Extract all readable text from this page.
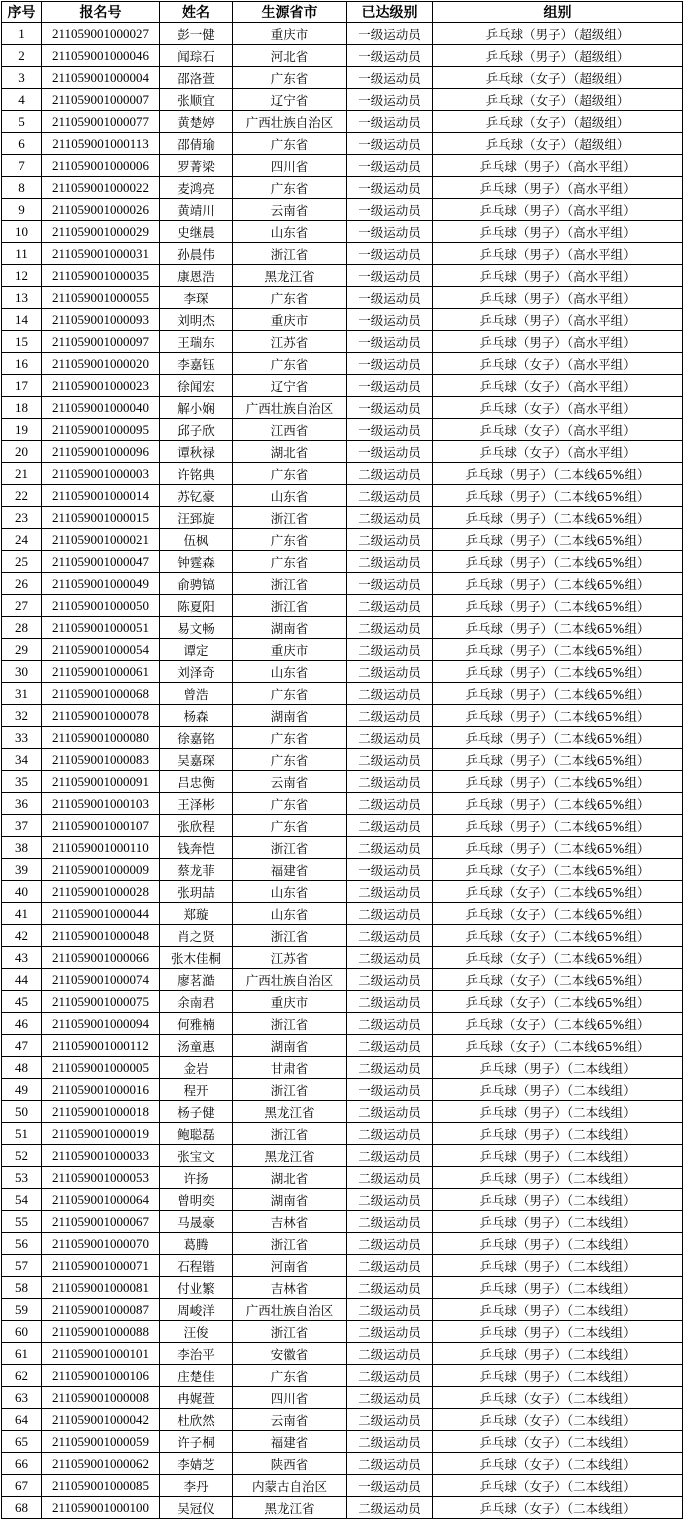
序号	报名号	姓名	生源省市	已达级别	组别
1	211059001000027	彭一健	重庆市	一级运动员	乒乓球（男子）（超级组）
2	211059001000046	闻琮石	河北省	一级运动员	乒乓球（男子）（超级组）
3	211059001000004	邵洛萱	广东省	一级运动员	乒乓球（女子）（超级组）
4	211059001000007	张顺宜	辽宁省	一级运动员	乒乓球（女子）（超级组）
5	211059001000077	黄楚婷	广西壮族自治区	一级运动员	乒乓球（女子）（超级组）
6	211059001000113	邵倩瑜	广东省	一级运动员	乒乓球（女子）（超级组）
7	211059001000006	罗菁梁	四川省	一级运动员	乒乓球（男子）（高水平组）
8	211059001000022	麦鸿亮	广东省	一级运动员	乒乓球（男子）（高水平组）
9	211059001000026	黄靖川	云南省	一级运动员	乒乓球（男子）（高水平组）
10	211059001000029	史继晨	山东省	一级运动员	乒乓球（男子）（高水平组）
11	211059001000031	孙晨伟	浙江省	一级运动员	乒乓球（男子）（高水平组）
12	211059001000035	康恩浩	黑龙江省	一级运动员	乒乓球（男子）（高水平组）
13	211059001000055	李琛	广东省	一级运动员	乒乓球（男子）（高水平组）
14	211059001000093	刘明杰	重庆市	一级运动员	乒乓球（男子）（高水平组）
15	211059001000097	王瑞东	江苏省	一级运动员	乒乓球（男子）（高水平组）
16	211059001000020	李嘉钰	广东省	一级运动员	乒乓球（女子）（高水平组）
17	211059001000023	徐闻宏	辽宁省	一级运动员	乒乓球（女子）（高水平组）
18	211059001000040	解小娴	广西壮族自治区	一级运动员	乒乓球（女子）（高水平组）
19	211059001000095	邱子欣	江西省	一级运动员	乒乓球（女子）（高水平组）
20	211059001000096	谭秋禄	湖北省	一级运动员	乒乓球（女子）（高水平组）
21	211059001000003	许铭典	广东省	二级运动员	乒乓球（男子）（二本线65%组）
22	211059001000014	苏钇豪	山东省	二级运动员	乒乓球（男子）（二本线65%组）
23	211059001000015	汪郅旋	浙江省	二级运动员	乒乓球（男子）（二本线65%组）
24	211059001000021	伍枫	广东省	二级运动员	乒乓球（男子）（二本线65%组）
25	211059001000047	钟霆森	广东省	二级运动员	乒乓球（男子）（二本线65%组）
26	211059001000049	俞骋镐	浙江省	一级运动员	乒乓球（男子）（二本线65%组）
27	211059001000050	陈夏阳	浙江省	二级运动员	乒乓球（男子）（二本线65%组）
28	211059001000051	易文畅	湖南省	二级运动员	乒乓球（男子）（二本线65%组）
29	211059001000054	谭定	重庆市	二级运动员	乒乓球（男子）（二本线65%组）
30	211059001000061	刘泽奇	山东省	二级运动员	乒乓球（男子）（二本线65%组）
31	211059001000068	曾浩	广东省	二级运动员	乒乓球（男子）（二本线65%组）
32	211059001000078	杨森	湖南省	二级运动员	乒乓球（男子）（二本线65%组）
33	211059001000080	徐嘉铭	广东省	二级运动员	乒乓球（男子）（二本线65%组）
34	211059001000083	吴嘉琛	广东省	二级运动员	乒乓球（男子）（二本线65%组）
35	211059001000091	吕忠衡	云南省	二级运动员	乒乓球（男子）（二本线65%组）
36	211059001000103	王泽彬	广东省	二级运动员	乒乓球（男子）（二本线65%组）
37	211059001000107	张欣程	广东省	二级运动员	乒乓球（男子）（二本线65%组）
38	211059001000110	钱奔恺	浙江省	二级运动员	乒乓球（男子）（二本线65%组）
39	211059001000009	蔡龙菲	福建省	一级运动员	乒乓球（女子）（二本线65%组）
40	211059001000028	张玥喆	山东省	二级运动员	乒乓球（女子）（二本线65%组）
41	211059001000044	郑璇	山东省	二级运动员	乒乓球（女子）（二本线65%组）
42	211059001000048	肖之贤	浙江省	二级运动员	乒乓球（女子）（二本线65%组）
43	211059001000066	张木佳桐	江苏省	二级运动员	乒乓球（女子）（二本线65%组）
44	211059001000074	廖茗澔	广西壮族自治区	二级运动员	乒乓球（女子）（二本线65%组）
45	211059001000075	余南君	重庆市	二级运动员	乒乓球（女子）（二本线65%组）
46	211059001000094	何雅楠	浙江省	二级运动员	乒乓球（女子）（二本线65%组）
47	211059001000112	汤童惠	湖南省	二级运动员	乒乓球（女子）（二本线65%组）
48	211059001000005	金岩	甘肃省	二级运动员	乒乓球（男子）（二本线组）
49	211059001000016	程开	浙江省	一级运动员	乒乓球（男子）（二本线组）
50	211059001000018	杨子健	黑龙江省	二级运动员	乒乓球（男子）（二本线组）
51	211059001000019	鲍聪磊	浙江省	二级运动员	乒乓球（男子）（二本线组）
52	211059001000033	张宝文	黑龙江省	二级运动员	乒乓球（男子）（二本线组）
53	211059001000053	许扬	湖北省	二级运动员	乒乓球（男子）（二本线组）
54	211059001000064	曾明奕	湖南省	二级运动员	乒乓球（男子）（二本线组）
55	211059001000067	马晟豪	吉林省	二级运动员	乒乓球（男子）（二本线组）
56	211059001000070	葛腾	浙江省	二级运动员	乒乓球（男子）（二本线组）
57	211059001000071	石程锴	河南省	二级运动员	乒乓球（男子）（二本线组）
58	211059001000081	付业繁	吉林省	二级运动员	乒乓球（男子）（二本线组）
59	211059001000087	周峻洋	广西壮族自治区	二级运动员	乒乓球（男子）（二本线组）
60	211059001000088	汪俊	浙江省	二级运动员	乒乓球（男子）（二本线组）
61	211059001000101	李治平	安徽省	二级运动员	乒乓球（男子）（二本线组）
62	211059001000106	庄楚佳	广东省	二级运动员	乒乓球（男子）（二本线组）
63	211059001000008	冉娓萱	四川省	二级运动员	乒乓球（女子）（二本线组）
64	211059001000042	杜欣然	云南省	二级运动员	乒乓球（女子）（二本线组）
65	211059001000059	许子桐	福建省	二级运动员	乒乓球（女子）（二本线组）
66	211059001000062	李婧芝	陕西省	二级运动员	乒乓球（女子）（二本线组）
67	211059001000085	李丹	内蒙古自治区	一级运动员	乒乓球（女子）（二本线组）
68	211059001000100	吴冠仪	黑龙江省	二级运动员	乒乓球（女子）（二本线组）
